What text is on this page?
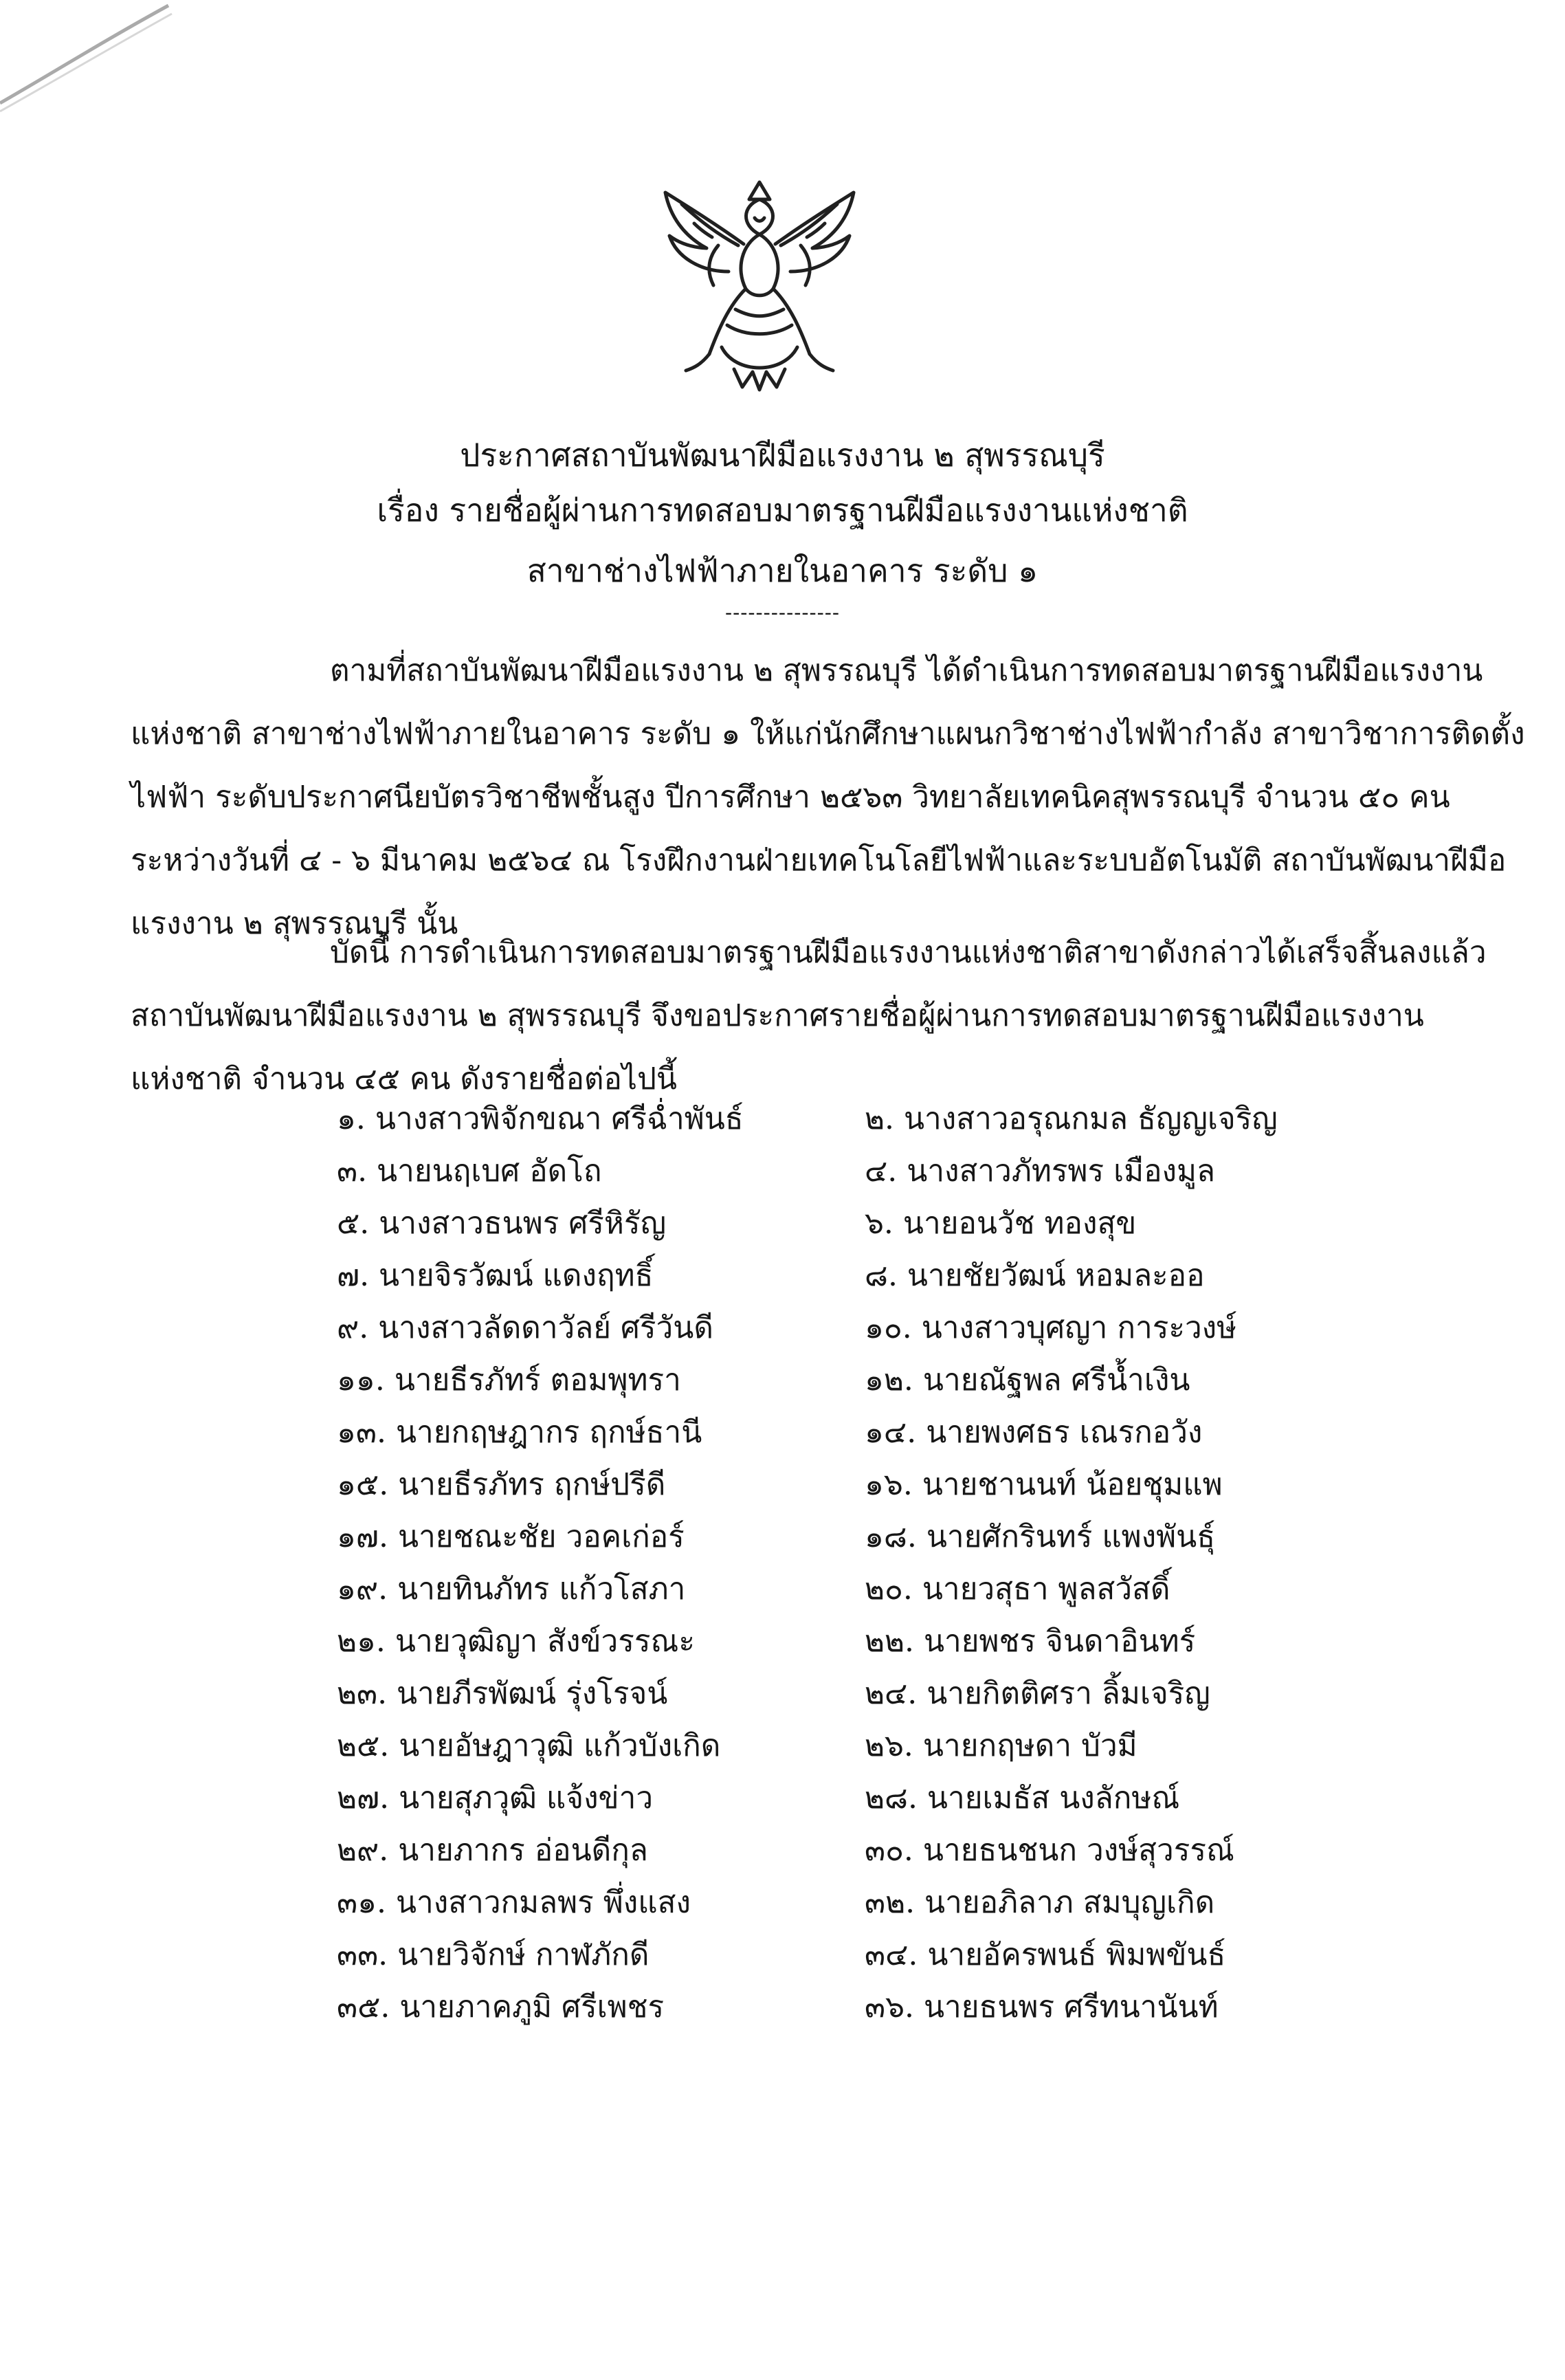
ประกาศสถาบันพัฒนาฝีมือแรงงาน ๒ สุพรรณบุรี
เรื่อง รายชื่อผู้ผ่านการทดสอบมาตรฐานฝีมือแรงงานแห่งชาติ
สาขาช่างไฟฟ้าภายในอาคาร ระดับ ๑
---------------
ตามที่สถาบันพัฒนาฝีมือแรงงาน ๒ สุพรรณบุรี ได้ดำเนินการทดสอบมาตรฐานฝีมือแรงงาน
แห่งชาติ สาขาช่างไฟฟ้าภายในอาคาร ระดับ ๑ ให้แก่นักศึกษาแผนกวิชาช่างไฟฟ้ากำลัง สาขาวิชาการติดตั้ง
ไฟฟ้า ระดับประกาศนียบัตรวิชาชีพชั้นสูง ปีการศึกษา ๒๕๖๓ วิทยาลัยเทคนิคสุพรรณบุรี จำนวน ๕๐ คน
ระหว่างวันที่ ๔ - ๖ มีนาคม ๒๕๖๔ ณ โรงฝึกงานฝ่ายเทคโนโลยีไฟฟ้าและระบบอัตโนมัติ สถาบันพัฒนาฝีมือ
แรงงาน ๒ สุพรรณบุรี นั้น
บัดนี้ การดำเนินการทดสอบมาตรฐานฝีมือแรงงานแห่งชาติสาขาดังกล่าวได้เสร็จสิ้นลงแล้ว
สถาบันพัฒนาฝีมือแรงงาน ๒ สุพรรณบุรี จึงขอประกาศรายชื่อผู้ผ่านการทดสอบมาตรฐานฝีมือแรงงาน
แห่งชาติ จำนวน ๔๕ คน ดังรายชื่อต่อไปนี้
๑. นางสาวพิจักขณา ศรีฉ่ำพันธ์	๒. นางสาวอรุณกมล ธัญญเจริญ
๓. นายนฤเบศ อัดโถ	๔. นางสาวภัทรพร เมืองมูล
๕. นางสาวธนพร ศรีหิรัญ	๖. นายอนวัช ทองสุข
๗. นายจิรวัฒน์ แดงฤทธิ์	๘. นายชัยวัฒน์ หอมละออ
๙. นางสาวลัดดาวัลย์ ศรีวันดี	๑๐. นางสาวบุศญา การะวงษ์
๑๑. นายธีรภัทร์ ตอมพุทรา	๑๒. นายณัฐพล ศรีน้ำเงิน
๑๓. นายกฤษฎากร ฤกษ์ธานี	๑๔. นายพงศธร เณรกอวัง
๑๕. นายธีรภัทร ฤกษ์ปรีดี	๑๖. นายชานนท์ น้อยชุมแพ
๑๗. นายชณะชัย วอคเก่อร์	๑๘. นายศักรินทร์ แพงพันธุ์
๑๙. นายทินภัทร แก้วโสภา	๒๐. นายวสุธา พูลสวัสดิ์
๒๑. นายวุฒิญา สังข์วรรณะ	๒๒. นายพชร จินดาอินทร์
๒๓. นายภีรพัฒน์ รุ่งโรจน์	๒๔. นายกิตติศรา ลิ้มเจริญ
๒๕. นายอัษฎาวุฒิ แก้วบังเกิด	๒๖. นายกฤษดา บัวมี
๒๗. นายสุภวุฒิ แจ้งข่าว	๒๘. นายเมธัส นงลักษณ์
๒๙. นายภากร อ่อนดีกุล	๓๐. นายธนชนก วงษ์สุวรรณ์
๓๑. นางสาวกมลพร พึ่งแสง	๓๒. นายอภิลาภ สมบุญเกิด
๓๓. นายวิจักษ์ กาฬภักดี	๓๔. นายอัครพนธ์ พิมพขันธ์
๓๕. นายภาคภูมิ ศรีเพชร	๓๖. นายธนพร ศรีทนานันท์
